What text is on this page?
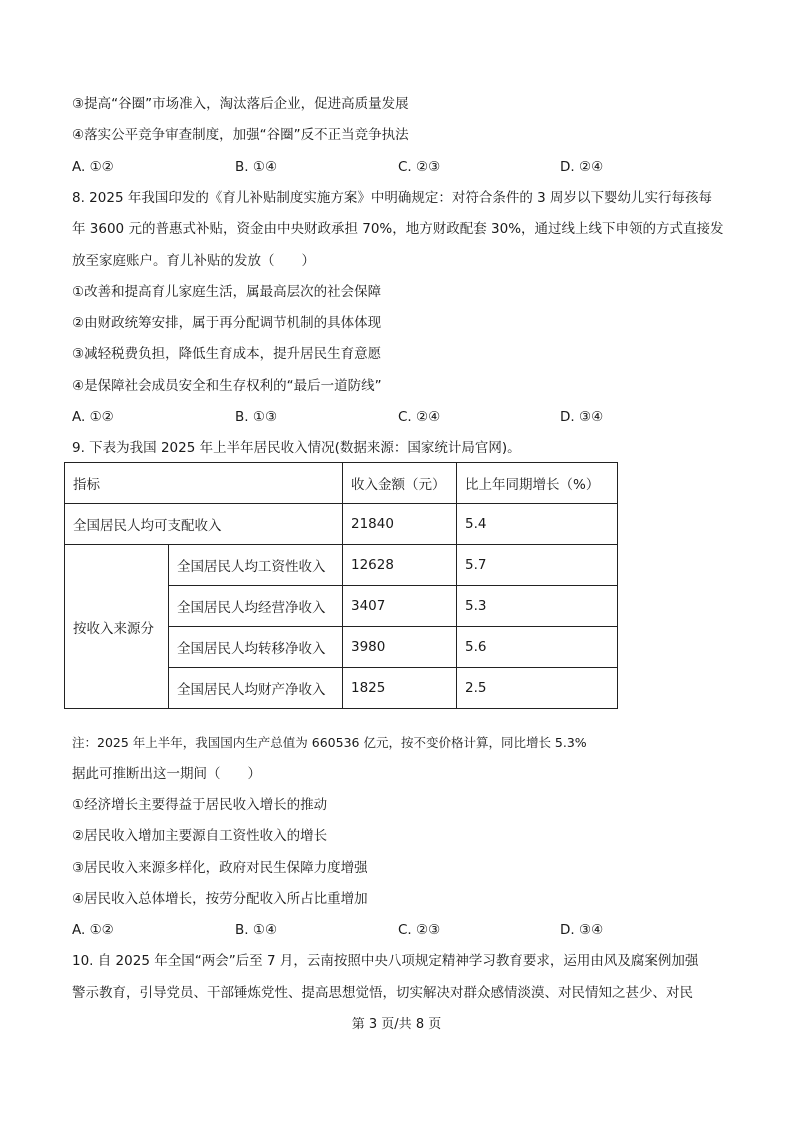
③提高“谷圈”市场准入，淘汰落后企业，促进高质量发展
④落实公平竞争审查制度，加强“谷圈”反不正当竞争执法
A. ①②	B. ①④	C. ②③	D. ②④
8. 2025 年我国印发的《育儿补贴制度实施方案》中明确规定：对符合条件的 3 周岁以下婴幼儿实行每孩每
年 3600 元的普惠式补贴，资金由中央财政承担 70%，地方财政配套 30%，通过线上线下申领的方式直接发
放至家庭账户。育儿补贴的发放（　　）
①改善和提高育儿家庭生活，属最高层次的社会保障
②由财政统筹安排，属于再分配调节机制的具体体现
③减轻税费负担，降低生育成本，提升居民生育意愿
④是保障社会成员安全和生存权利的“最后一道防线”
A. ①②	B. ①③	C. ②④	D. ③④
9. 下表为我国 2025 年上半年居民收入情况(数据来源：国家统计局官网)。
指标		收入金额（元）	比上年同期增长（%）
全国居民人均可支配收入		21840	5.4
按收入来源分	全国居民人均工资性收入	12628	5.7
	全国居民人均经营净收入	3407	5.3
	全国居民人均转移净收入	3980	5.6
	全国居民人均财产净收入	1825	2.5
注：2025 年上半年，我国国内生产总值为 660536 亿元，按不变价格计算，同比增长 5.3%
据此可推断出这一期间（　　）
①经济增长主要得益于居民收入增长的推动
②居民收入增加主要源自工资性收入的增长
③居民收入来源多样化，政府对民生保障力度增强
④居民收入总体增长，按劳分配收入所占比重增加
A. ①②	B. ①④	C. ②③	D. ③④
10. 自 2025 年全国“两会”后至 7 月，云南按照中央八项规定精神学习教育要求，运用由风及腐案例加强
警示教育，引导党员、干部锤炼党性、提高思想觉悟，切实解决对群众感情淡漠、对民情知之甚少、对民
第 3 页/共 8 页
